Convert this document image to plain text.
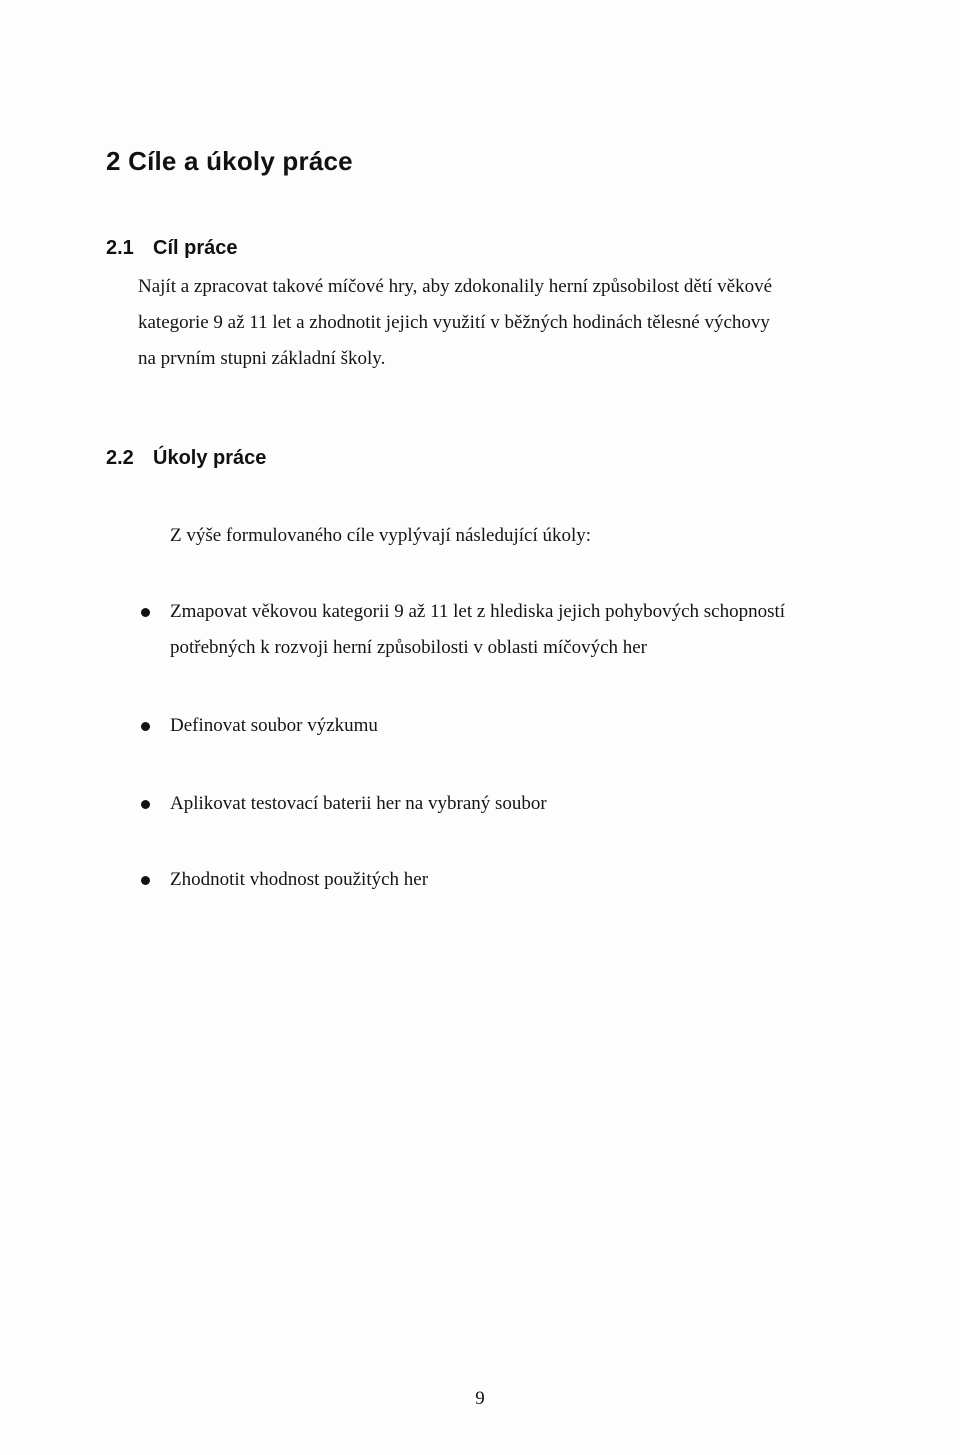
2 Cíle a úkoly práce
2.1 Cíl práce
Najít a zpracovat takové míčové hry, aby zdokonalily herní způsobilost dětí věkové
kategorie 9 až 11 let a zhodnotit jejich využití v běžných hodinách tělesné výchovy
na prvním stupni základní školy.
2.2 Úkoly práce
Z výše formulovaného cíle vyplývají následující úkoly:
Zmapovat věkovou kategorii 9 až 11 let z hlediska jejich pohybových schopností
potřebných k rozvoji herní způsobilosti v oblasti míčových her
Definovat soubor výzkumu
Aplikovat testovací baterii her na vybraný soubor
Zhodnotit vhodnost použitých her
9
